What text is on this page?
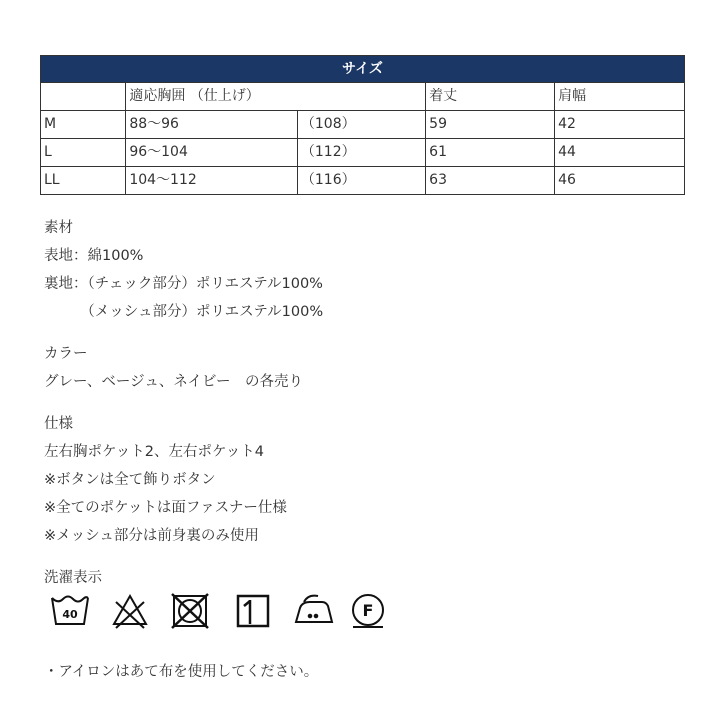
サイズ				
	適応胸囲 （仕上げ）		着丈	肩幅
M	88～96	（108）	59	42
L	96～104	（112）	61	44
LL	104～112	（116）	63	46
素材
表地：綿100%
裏地：（チェック部分）ポリエステル100%
　　　（メッシュ部分）ポリエステル100%
カラー
グレー、ベージュ、ネイビー　の各売り
仕様
左右胸ポケット2、左右ポケット4
※ボタンは全て飾りボタン
※全てのポケットは面ファスナー仕様
※メッシュ部分は前身裏のみ使用
洗濯表示
40	F
・アイロンはあて布を使用してください。
